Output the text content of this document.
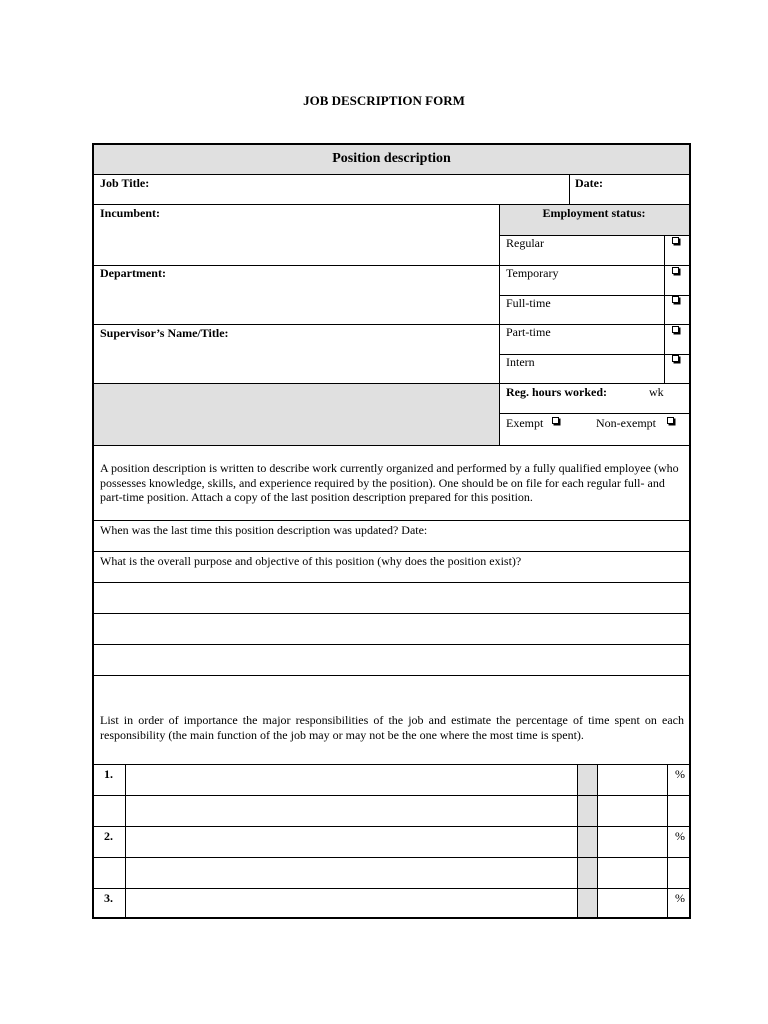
JOB DESCRIPTION FORM
Position description
Job Title:	Date:
Incumbent:
Department:
Supervisor’s Name/Title:
Employment status:
Regular
Temporary
Full-time
Part-time
Intern
Reg. hours worked:	wk
Exempt	Non-exempt
A position description is written to describe work currently organized and performed by a fully qualified employee (who possesses knowledge, skills, and experience required by the position). One should be on file for each regular full- and part-time position. Attach a copy of the last position description prepared for this position.
When was the last time this position description was updated? Date:
What is the overall purpose and objective of this position (why does the position exist)?
List in order of importance the major responsibilities of the job and estimate the percentage of time spent on each responsibility (the main function of the job may or may not be the one where the most time is spent).
1.	%
2.	%
3.	%
